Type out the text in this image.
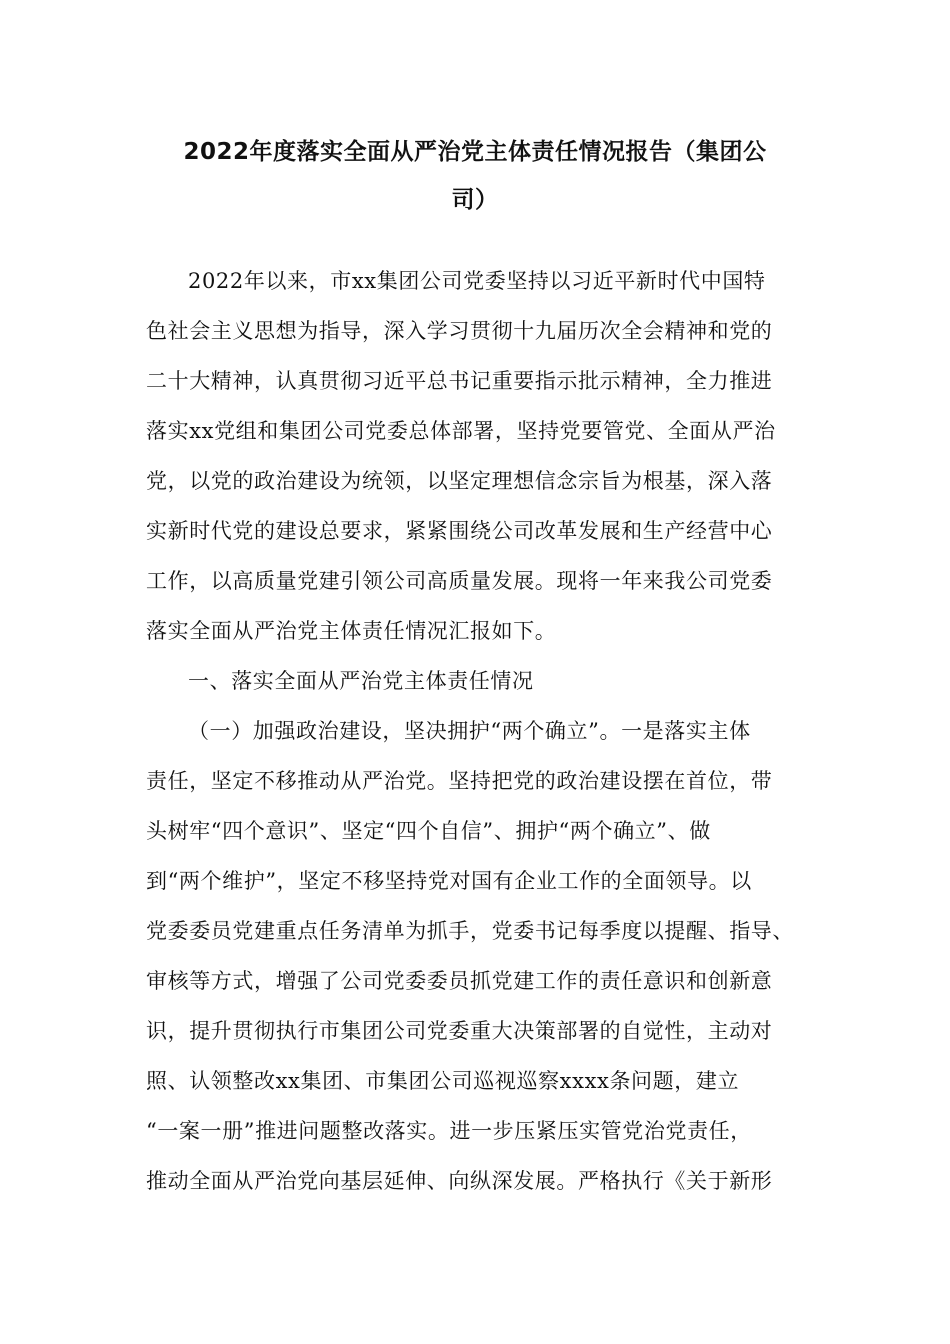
2022年度落实全面从严治党主体责任情况报告（集团公
司）
2022年以来，市xx集团公司党委坚持以习近平新时代中国特
色社会主义思想为指导，深入学习贯彻十九届历次全会精神和党的
二十大精神，认真贯彻习近平总书记重要指示批示精神，全力推进
落实xx党组和集团公司党委总体部署，坚持党要管党、全面从严治
党，以党的政治建设为统领，以坚定理想信念宗旨为根基，深入落
实新时代党的建设总要求，紧紧围绕公司改革发展和生产经营中心
工作，以高质量党建引领公司高质量发展。现将一年来我公司党委
落实全面从严治党主体责任情况汇报如下。
一、落实全面从严治党主体责任情况
（一）加强政治建设，坚决拥护“两个确立”。一是落实主体
责任，坚定不移推动从严治党。坚持把党的政治建设摆在首位，带
头树牢“四个意识”、坚定“四个自信”、拥护“两个确立”、做
到“两个维护”，坚定不移坚持党对国有企业工作的全面领导。以
党委委员党建重点任务清单为抓手，党委书记每季度以提醒、指导、
审核等方式，增强了公司党委委员抓党建工作的责任意识和创新意
识，提升贯彻执行市集团公司党委重大决策部署的自觉性，主动对
照、认领整改xx集团、市集团公司巡视巡察xxxx条问题，建立
“一案一册”推进问题整改落实。进一步压紧压实管党治党责任，
推动全面从严治党向基层延伸、向纵深发展。严格执行《关于新形
